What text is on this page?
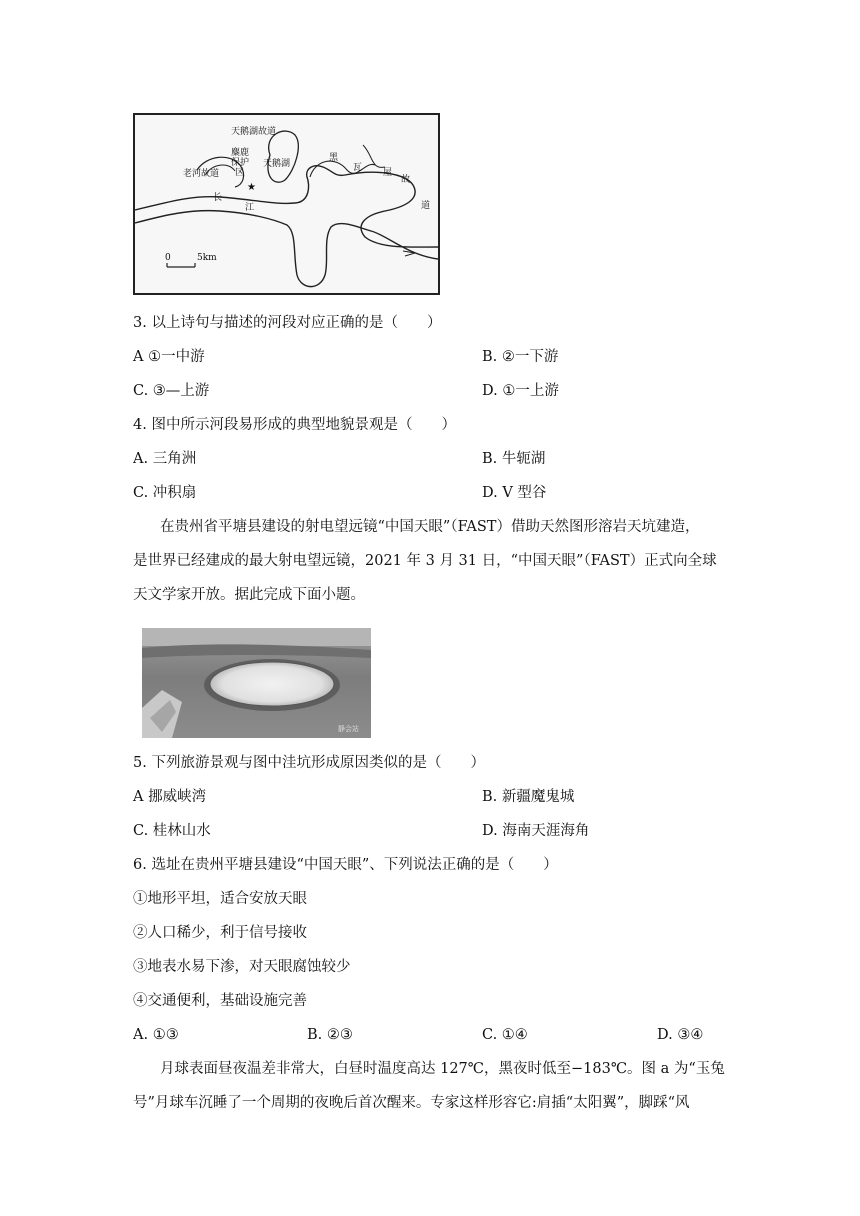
★
天鹅湖故道
麋鹿
保护
区
老河故道
天鹅湖
长
江
黑
瓦 屋
故
道
0	5km
3. 以上诗句与描述的河段对应正确的是（　　）
A ①一中游	B. ②一下游
C. ③—上游	D. ①一上游
4. 图中所示河段易形成的典型地貌景观是（　　）
A. 三角洲	B. 牛轭湖
C. 冲积扇	D. V 型谷
在贵州省平塘县建设的射电望远镜“中国天眼”（FAST）借助天然图形溶岩天坑建造，
是世界已经建成的最大射电望远镜，2021 年 3 月 31 日，“中国天眼”（FAST）正式向全球
天文学家开放。据此完成下面小题。
静会站
5. 下列旅游景观与图中洼坑形成原因类似的是（　　）
A 挪威峡湾	B. 新疆魔鬼城
C. 桂林山水	D. 海南天涯海角
6. 选址在贵州平塘县建设“中国天眼”、下列说法正确的是（　　）
①地形平坦，适合安放天眼
②人口稀少，利于信号接收
③地表水易下渗，对天眼腐蚀较少
④交通便利，基础设施完善
A. ①③	B. ②③	C. ①④	D. ③④
月球表面昼夜温差非常大，白昼时温度高达 127℃，黑夜时低至−183℃。图 a 为“玉兔
号”月球车沉睡了一个周期的夜晚后首次醒来。专家这样形容它:肩插“太阳翼”，脚踩“风
